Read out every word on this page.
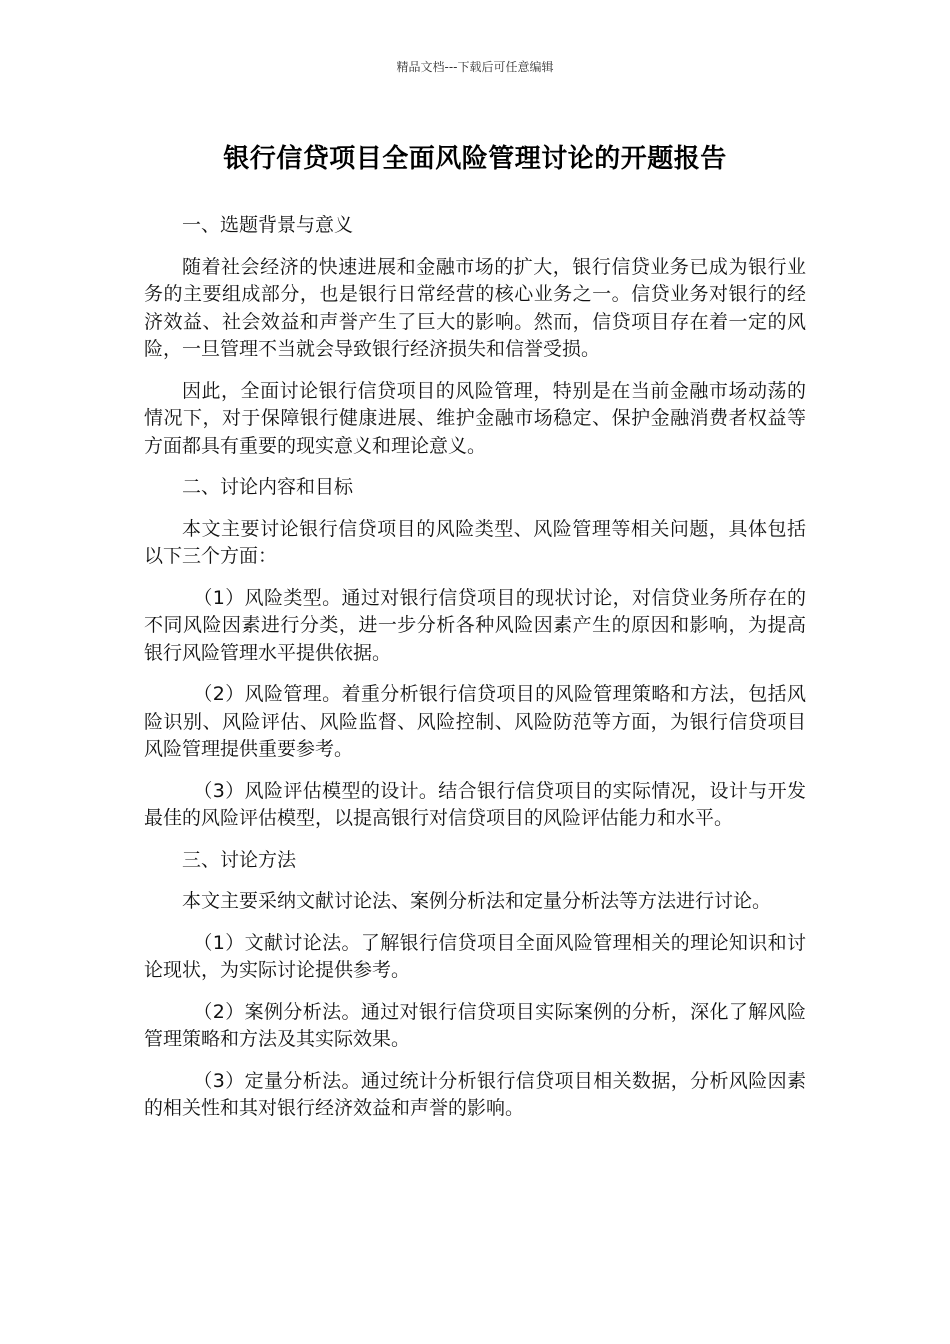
精品文档---下载后可任意编辑
银行信贷项目全面风险管理讨论的开题报告

一、选题背景与意义

随着社会经济的快速进展和金融市场的扩大，银行信贷业务已成为银行业务的主要组成部分，也是银行日常经营的核心业务之一。信贷业务对银行的经济效益、社会效益和声誉产生了巨大的影响。然而，信贷项目存在着一定的风险，一旦管理不当就会导致银行经济损失和信誉受损。

因此，全面讨论银行信贷项目的风险管理，特别是在当前金融市场动荡的情况下，对于保障银行健康进展、维护金融市场稳定、保护金融消费者权益等方面都具有重要的现实意义和理论意义。

二、讨论内容和目标

本文主要讨论银行信贷项目的风险类型、风险管理等相关问题，具体包括以下三个方面：

（1）风险类型。通过对银行信贷项目的现状讨论，对信贷业务所存在的不同风险因素进行分类，进一步分析各种风险因素产生的原因和影响，为提高银行风险管理水平提供依据。

（2）风险管理。着重分析银行信贷项目的风险管理策略和方法，包括风险识别、风险评估、风险监督、风险控制、风险防范等方面，为银行信贷项目风险管理提供重要参考。

（3）风险评估模型的设计。结合银行信贷项目的实际情况，设计与开发最佳的风险评估模型，以提高银行对信贷项目的风险评估能力和水平。

三、讨论方法

本文主要采纳文献讨论法、案例分析法和定量分析法等方法进行讨论。

（1）文献讨论法。了解银行信贷项目全面风险管理相关的理论知识和讨论现状，为实际讨论提供参考。

（2）案例分析法。通过对银行信贷项目实际案例的分析，深化了解风险管理策略和方法及其实际效果。

（3）定量分析法。通过统计分析银行信贷项目相关数据，分析风险因素的相关性和其对银行经济效益和声誉的影响。
